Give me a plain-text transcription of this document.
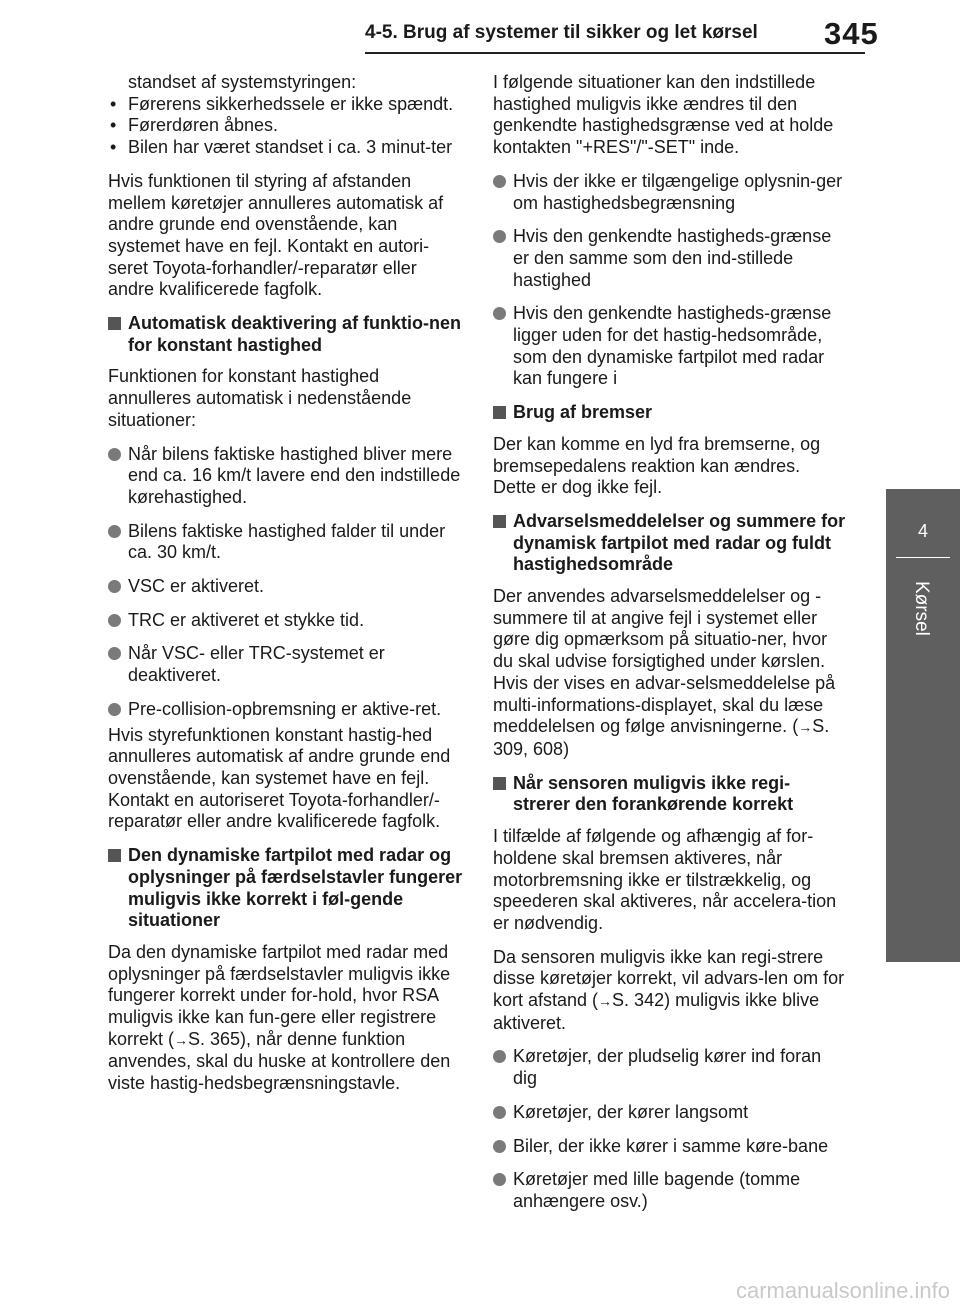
4-5. Brug af systemer til sikker og let kørsel 345
4
Kørsel

standset af systemstyringen:

• Førerens sikkerhedssele er ikke spændt.
• Førerdøren åbnes.
• Bilen har været standset i ca. 3 minut-ter

Hvis funktionen til styring af afstanden mellem køretøjer annulleres automatisk af andre grunde end ovenstående, kan systemet have en fejl. Kontakt en autori-seret Toyota-forhandler/-reparatør eller andre kvalificerede fagfolk.

Automatisk deaktivering af funktio-nen for konstant hastighed

Funktionen for konstant hastighed annulleres automatisk i nedenstående situationer:

Når bilens faktiske hastighed bliver mere end ca. 16 km/t lavere end den indstillede kørehastighed.
Bilens faktiske hastighed falder til under ca. 30 km/t.
VSC er aktiveret.
TRC er aktiveret et stykke tid.
Når VSC- eller TRC-systemet er deaktiveret.
Pre-collision-opbremsning er aktive-ret.

Hvis styrefunktionen konstant hastig-hed annulleres automatisk af andre grunde end ovenstående, kan systemet have en fejl. Kontakt en autoriseret Toyota-forhandler/-reparatør eller andre kvalificerede fagfolk.

Den dynamiske fartpilot med radar og oplysninger på færdselstavler fungerer muligvis ikke korrekt i føl-gende situationer

Da den dynamiske fartpilot med radar med oplysninger på færdselstavler muligvis ikke fungerer korrekt under for-hold, hvor RSA muligvis ikke kan fun-gere eller registrere korrekt (→S. 365), når denne funktion anvendes, skal du huske at kontrollere den viste hastig-hedsbegrænsningstavle.

I følgende situationer kan den indstillede hastighed muligvis ikke ændres til den genkendte hastighedsgrænse ved at holde kontakten "+RES"/"-SET" inde.

Hvis der ikke er tilgængelige oplysnin-ger om hastighedsbegrænsning
Hvis den genkendte hastigheds-grænse er den samme som den ind-stillede hastighed
Hvis den genkendte hastigheds-grænse ligger uden for det hastig-hedsområde, som den dynamiske fartpilot med radar kan fungere i
Brug af bremser

Der kan komme en lyd fra bremserne, og bremsepedalens reaktion kan ændres. Dette er dog ikke fejl.

Advarselsmeddelelser og summere for dynamisk fartpilot med radar og fuldt hastighedsområde

Der anvendes advarselsmeddelelser og -summere til at angive fejl i systemet eller gøre dig opmærksom på situatio-ner, hvor du skal udvise forsigtighed under kørslen. Hvis der vises en advar-selsmeddelelse på multi-informations-displayet, skal du læse meddelelsen og følge anvisningerne. (→S. 309, 608)

Når sensoren muligvis ikke regi-strerer den forankørende korrekt

I tilfælde af følgende og afhængig af for-holdene skal bremsen aktiveres, når motorbremsning ikke er tilstrækkelig, og speederen skal aktiveres, når accelera-tion er nødvendig.

Da sensoren muligvis ikke kan regi-strere disse køretøjer korrekt, vil advars-len om for kort afstand (→S. 342) muligvis ikke blive aktiveret.

Køretøjer, der pludselig kører ind foran dig
Køretøjer, der kører langsomt
Biler, der ikke kører i samme køre-bane
Køretøjer med lille bagende (tomme anhængere osv.)
carmanualsonline.info
